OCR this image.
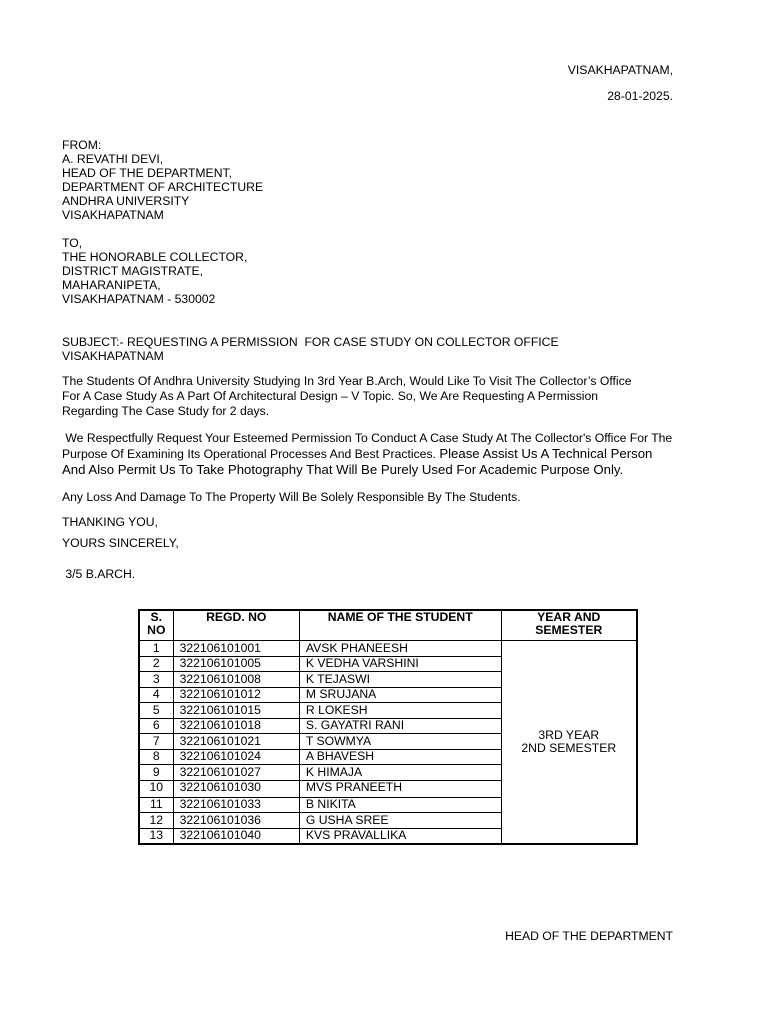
VISAKHAPATNAM,
28-01-2025.
FROM:
A. REVATHI DEVI,
HEAD OF THE DEPARTMENT,
DEPARTMENT OF ARCHITECTURE
ANDHRA UNIVERSITY
VISAKHAPATNAM
TO,
THE HONORABLE COLLECTOR,
DISTRICT MAGISTRATE,
MAHARANIPETA,
VISAKHAPATNAM - 530002
SUBJECT:- REQUESTING A PERMISSION  FOR CASE STUDY ON COLLECTOR OFFICE
VISAKHAPATNAM
The Students Of Andhra University Studying In 3rd Year B.Arch, Would Like To Visit The Collector’s Office
For A Case Study As A Part Of Architectural Design – V Topic. So, We Are Requesting A Permission
Regarding The Case Study for 2 days.
We Respectfully Request Your Esteemed Permission To Conduct A Case Study At The Collector's Office For The
Purpose Of Examining Its Operational Processes And Best Practices. Please Assist Us A Technical Person
And Also Permit Us To Take Photography That Will Be Purely Used For Academic Purpose Only.
Any Loss And Damage To The Property Will Be Solely Responsible By The Students.
THANKING YOU,
YOURS SINCERELY,
3/5 B.ARCH.
S.
NO	REGD. NO	NAME OF THE STUDENT	YEAR AND
SEMESTER
1	322106101001	AVSK PHANEESH	3RD YEAR
2ND SEMESTER
2	322106101005	K VEDHA VARSHINI	
3	322106101008	K TEJASWI	
4	322106101012	M SRUJANA	
5	322106101015	R LOKESH	
6	322106101018	S. GAYATRI RANI	
7	322106101021	T SOWMYA	
8	322106101024	A BHAVESH	
9	322106101027	K HIMAJA	
10	322106101030	MVS PRANEETH	
11	322106101033	B NIKITA	
12	322106101036	G USHA SREE	
13	322106101040	KVS PRAVALLIKA	
HEAD OF THE DEPARTMENT
